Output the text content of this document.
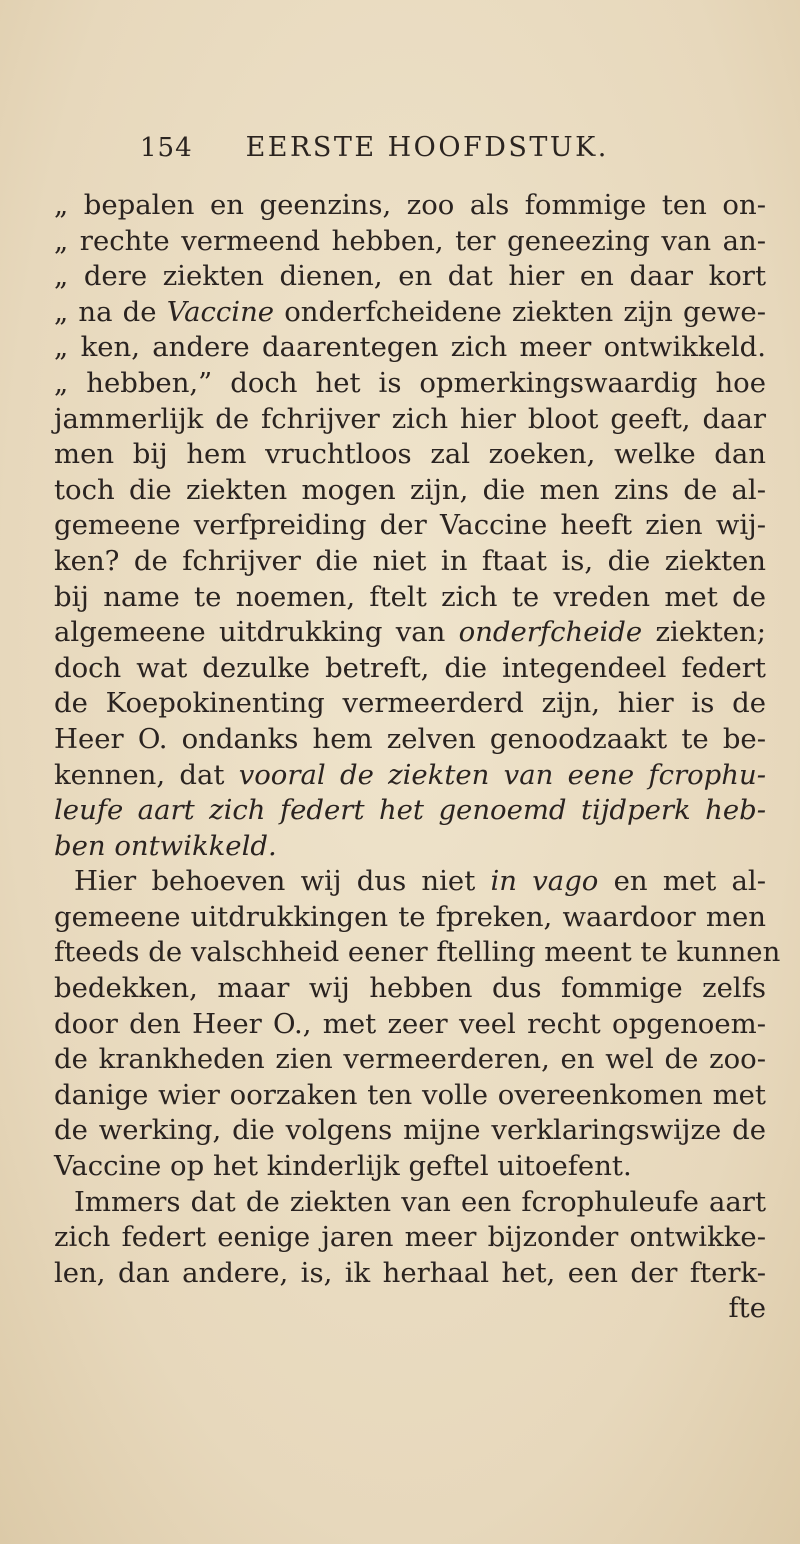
154 EERSTE HOOFDSTUK.
„ bepalen en geenzins, zoo als fommige ten on-
„ rechte vermeend hebben, ter geneezing van an-
„ dere ziekten dienen, en dat hier en daar kort
„ na de Vaccine onderfcheidene ziekten zijn gewe-
„ ken, andere daarentegen zich meer ontwikkeld.
„ hebben,” doch het is opmerkingswaardig hoe
jammerlijk de fchrijver zich hier bloot geeft, daar
men bij hem vruchtloos zal zoeken, welke dan
toch die ziekten mogen zijn, die men zins de al-
gemeene verfpreiding der Vaccine heeft zien wij-
ken? de fchrijver die niet in ftaat is, die ziekten
bij name te noemen, ftelt zich te vreden met de
algemeene uitdrukking van onderfcheide ziekten;
doch wat dezulke betreft, die integendeel federt
de Koepokinenting vermeerderd zijn, hier is de
Heer O. ondanks hem zelven genoodzaakt te be-
kennen, dat vooral de ziekten van eene fcrophu-
leufe aart zich federt het genoemd tijdperk heb-
ben ontwikkeld.
Hier behoeven wij dus niet in vago en met al-
gemeene uitdrukkingen te fpreken, waardoor men
fteeds de valschheid eener ftelling meent te kunnen
bedekken, maar wij hebben dus fommige zelfs
door den Heer O., met zeer veel recht opgenoem-
de krankheden zien vermeerderen, en wel de zoo-
danige wier oorzaken ten volle overeenkomen met
de werking, die volgens mijne verklaringswijze de
Vaccine op het kinderlijk geftel uitoefent.
Immers dat de ziekten van een fcrophuleufe aart
zich federt eenige jaren meer bijzonder ontwikke-
len, dan andere, is, ik herhaal het, een der fterk-
fte
